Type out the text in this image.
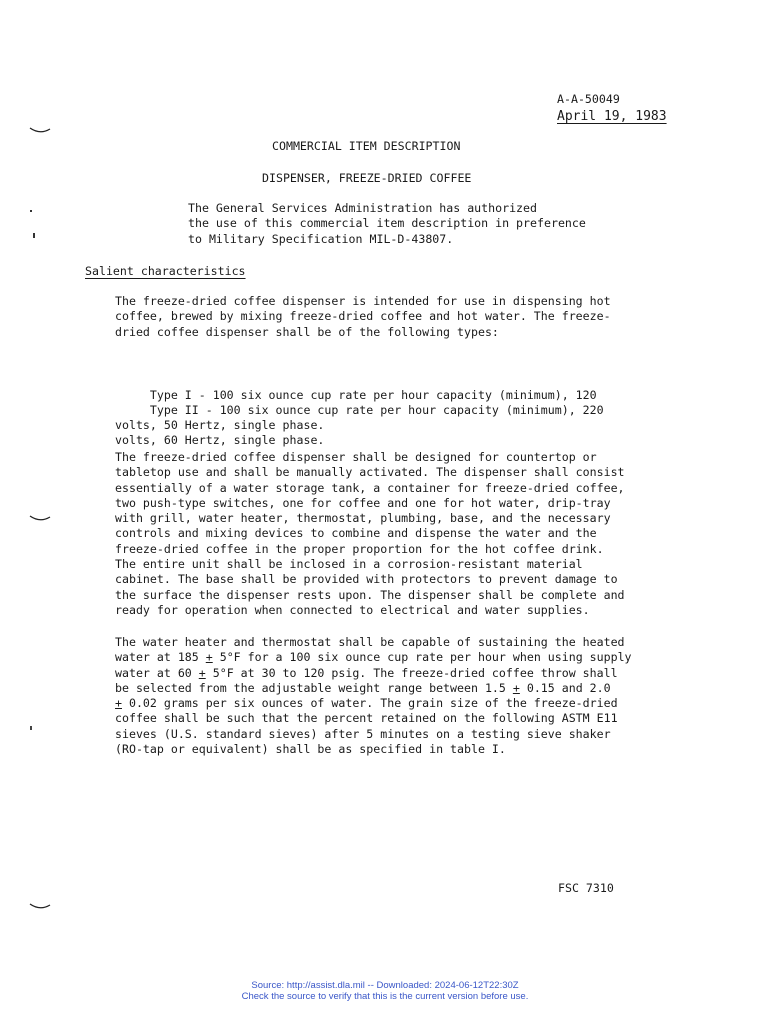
A-A-50049
April 19, 1983
COMMERCIAL ITEM DESCRIPTION
DISPENSER, FREEZE-DRIED COFFEE
The General Services Administration has authorized
the use of this commercial item description in preference
to Military Specification MIL-D-43807.
Salient characteristics
The freeze-dried coffee dispenser is intended for use in dispensing hot
coffee, brewed by mixing freeze-dried coffee and hot water. The freeze-
dried coffee dispenser shall be of the following types:

Type I - 100 six ounce cup rate per hour capacity (minimum), 120

volts, 60 Hertz, single phase.

Type II - 100 six ounce cup rate per hour capacity (minimum), 220
volts, 50 Hertz, single phase.
The freeze-dried coffee dispenser shall be designed for countertop or
tabletop use and shall be manually activated. The dispenser shall consist
essentially of a water storage tank, a container for freeze-dried coffee,
two push-type switches, one for coffee and one for hot water, drip-tray
with grill, water heater, thermostat, plumbing, base, and the necessary
controls and mixing devices to combine and dispense the water and the
freeze-dried coffee in the proper proportion for the hot coffee drink.
The entire unit shall be inclosed in a corrosion-resistant material
cabinet. The base shall be provided with protectors to prevent damage to
the surface the dispenser rests upon. The dispenser shall be complete and
ready for operation when connected to electrical and water supplies.
The water heater and thermostat shall be capable of sustaining the heated
water at 185 + 5°F for a 100 six ounce cup rate per hour when using supply
water at 60 + 5°F at 30 to 120 psig. The freeze-dried coffee throw shall
be selected from the adjustable weight range between 1.5 + 0.15 and 2.0
+ 0.02 grams per six ounces of water. The grain size of the freeze-dried
coffee shall be such that the percent retained on the following ASTM E11
sieves (U.S. standard sieves) after 5 minutes on a testing sieve shaker
(RO-tap or equivalent) shall be as specified in table I.
FSC 7310
Source: http://assist.dla.mil -- Downloaded: 2024-06-12T22:30Z
Check the source to verify that this is the current version before use.
